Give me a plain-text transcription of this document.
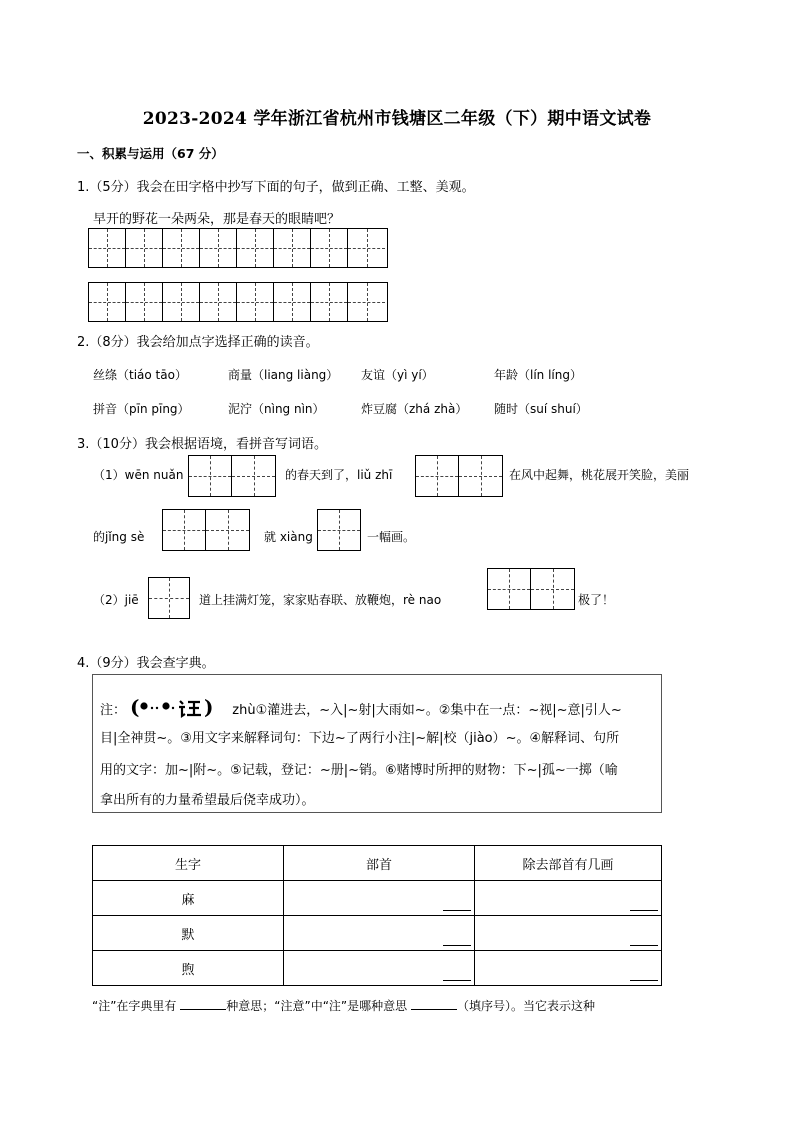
2023-2024 学年浙江省杭州市钱塘区二年级（下）期中语文试卷
一、积累与运用（67 分）
1.（5分）我会在田字格中抄写下面的句子，做到正确、工整、美观。
早开的野花一朵两朵，那是春天的眼睛吧？
2.（8分）我会给加点字选择正确的读音。
丝绦（tiáo tāo）	商量（liang liàng） 友谊（yì yí）	年龄（lín líng）
拼音（pīn pīng）	泥泞（nìng nìn）	炸豆腐（zhá zhà） 随时（suí shuí）
3.（10分）我会根据语境，看拼音写词语。
（1）wēn nuǎn	的春天到了，liǔ zhī	在风中起舞，桃花展开笑脸，美丽
的jǐng sè	就 xiàng	一幅画。
（2）jiē	道上挂满灯笼，家家贴春联、放鞭炮，rè nao	极了！
4.（9分）我会查字典。
注： (	) zhù①灌进去，~入|~射|大雨如~。②集中在一点：~视|~意|引人~
目|全神贯~。③用文字来解释词句：下边~了两行小注|~解|校（jiào）~。④解释词、句所
用的文字：加~|附~。⑤记载，登记：~册|~销。⑥赌博时所押的财物：下~|孤~一掷（喻
拿出所有的力量希望最后侥幸成功）。
生字	部首	除去部首有几画
麻	

默	

煦	

“注”在字典里有	种意思；“注意”中“注”是哪种意思	（填序号）。当它表示这种
